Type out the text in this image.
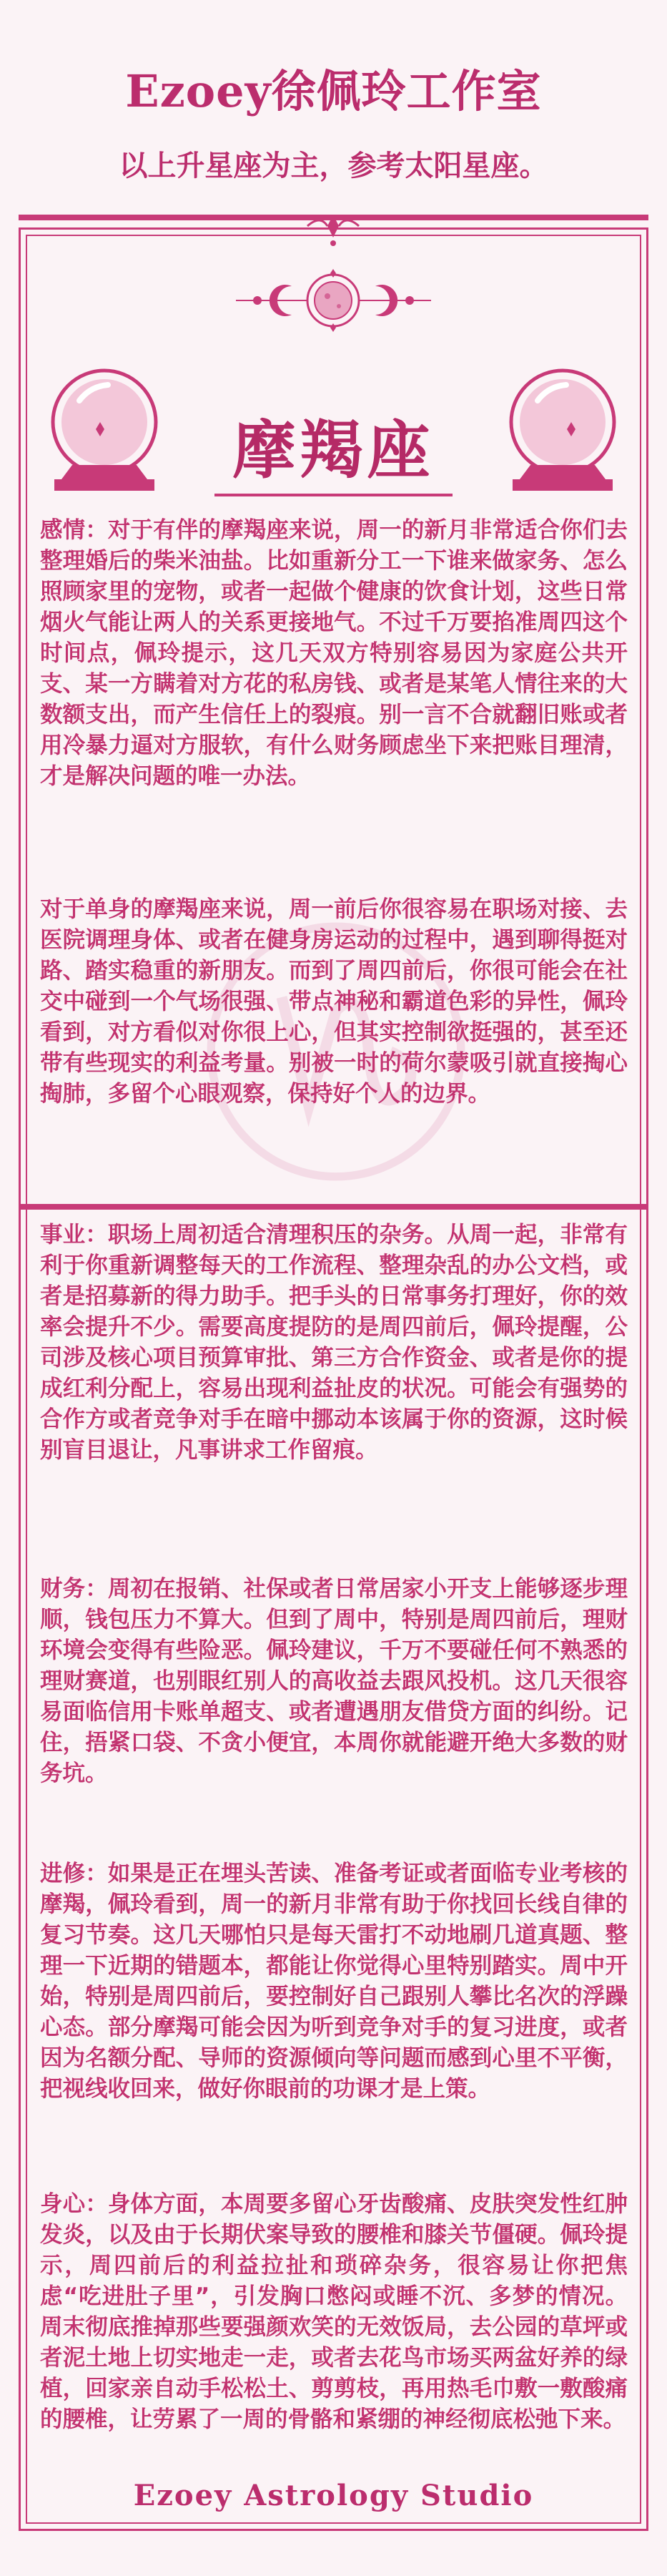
Ezoey徐佩玲工作室
以上升星座为主，参考太阳星座。
摩羯座
感情：对于有伴的摩羯座来说，周一的新月非常适合你们去整理婚后的柴米油盐。比如重新分工一下谁来做家务、怎么照顾家里的宠物，或者一起做个健康的饮食计划，这些日常烟火气能让两人的关系更接地气。不过千万要掐准周四这个时间点，佩玲提示，这几天双方特别容易因为家庭公共开支、某一方瞒着对方花的私房钱、或者是某笔人情往来的大数额支出，而产生信任上的裂痕。别一言不合就翻旧账或者用冷暴力逼对方服软，有什么财务顾虑坐下来把账目理清，才是解决问题的唯一办法。
对于单身的摩羯座来说，周一前后你很容易在职场对接、去医院调理身体、或者在健身房运动的过程中，遇到聊得挺对路、踏实稳重的新朋友。而到了周四前后，你很可能会在社交中碰到一个气场很强、带点神秘和霸道色彩的异性，佩玲看到，对方看似对你很上心，但其实控制欲挺强的，甚至还带有些现实的利益考量。别被一时的荷尔蒙吸引就直接掏心掏肺，多留个心眼观察，保持好个人的边界。
事业：职场上周初适合清理积压的杂务。从周一起，非常有利于你重新调整每天的工作流程、整理杂乱的办公文档，或者是招募新的得力助手。把手头的日常事务打理好，你的效率会提升不少。需要高度提防的是周四前后，佩玲提醒，公司涉及核心项目预算审批、第三方合作资金、或者是你的提成红利分配上，容易出现利益扯皮的状况。可能会有强势的合作方或者竞争对手在暗中挪动本该属于你的资源，这时候别盲目退让，凡事讲求工作留痕。
财务：周初在报销、社保或者日常居家小开支上能够逐步理顺，钱包压力不算大。但到了周中，特别是周四前后，理财环境会变得有些险恶。佩玲建议，千万不要碰任何不熟悉的理财赛道，也别眼红别人的高收益去跟风投机。这几天很容易面临信用卡账单超支、或者遭遇朋友借贷方面的纠纷。记住，捂紧口袋、不贪小便宜，本周你就能避开绝大多数的财务坑。
进修：如果是正在埋头苦读、准备考证或者面临专业考核的摩羯，佩玲看到，周一的新月非常有助于你找回长线自律的复习节奏。这几天哪怕只是每天雷打不动地刷几道真题、整理一下近期的错题本，都能让你觉得心里特别踏实。周中开始，特别是周四前后，要控制好自己跟别人攀比名次的浮躁心态。部分摩羯可能会因为听到竞争对手的复习进度，或者因为名额分配、导师的资源倾向等问题而感到心里不平衡，把视线收回来，做好你眼前的功课才是上策。
身心：身体方面，本周要多留心牙齿酸痛、皮肤突发性红肿发炎，以及由于长期伏案导致的腰椎和膝关节僵硬。佩玲提示，周四前后的利益拉扯和琐碎杂务，很容易让你把焦虑“吃进肚子里”，引发胸口憋闷或睡不沉、多梦的情况。周末彻底推掉那些要强颜欢笑的无效饭局，去公园的草坪或者泥土地上切实地走一走，或者去花鸟市场买两盆好养的绿植，回家亲自动手松松土、剪剪枝，再用热毛巾敷一敷酸痛的腰椎，让劳累了一周的骨骼和紧绷的神经彻底松弛下来。
Ezoey Astrology Studio
